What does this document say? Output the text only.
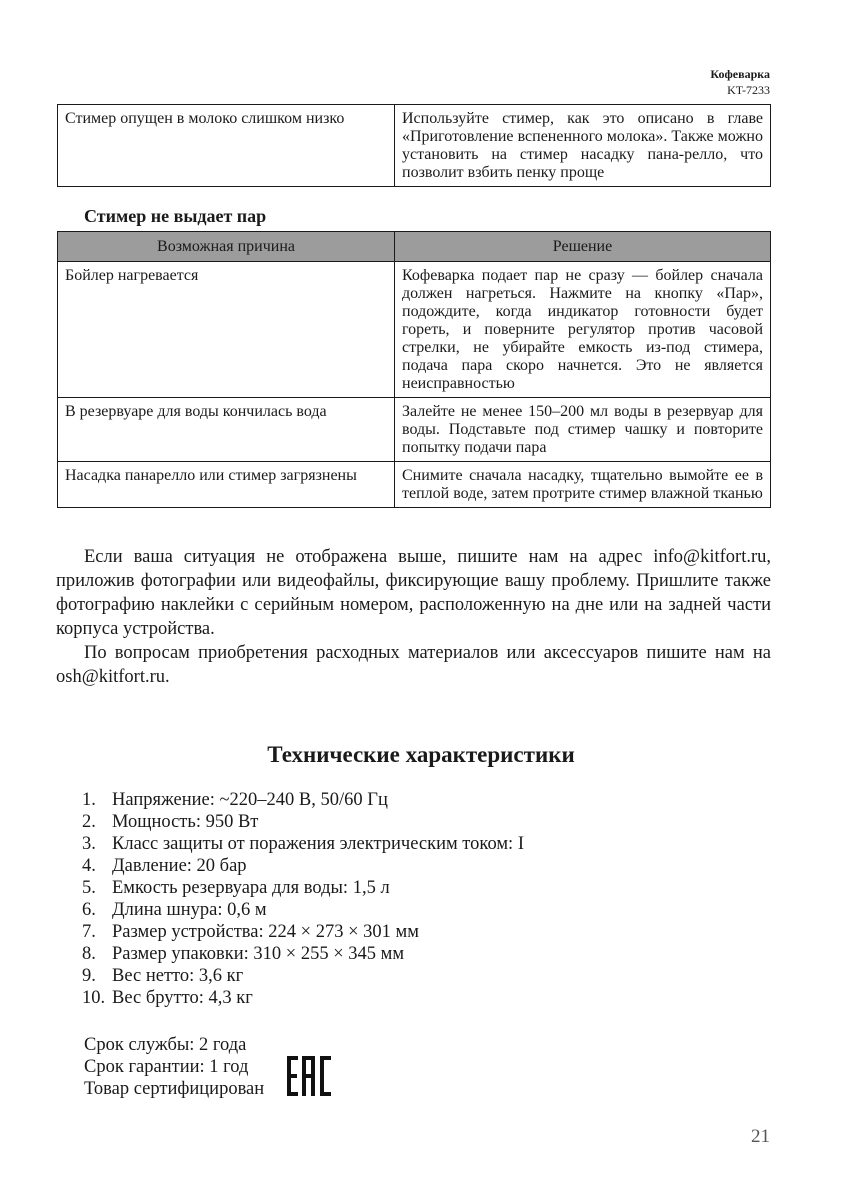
Кофеварка
KT-7233
Стимер опущен в молоко слишком низко	Используйте стимер, как это описано в главе «Приготовление вспененного молока». Также можно установить на стимер насадку пана-релло, что позволит взбить пенку проще
Стимер не выдает пар
Возможная причина	Решение
Бойлер нагревается	Кофеварка подает пар не сразу — бойлер сначала должен нагреться. Нажмите на кнопку «Пар», подождите, когда индикатор готовности будет гореть, и поверните регулятор против часовой стрелки, не убирайте емкость из-под стимера, подача пара скоро начнется. Это не является неисправностью
В резервуаре для воды кончилась вода	Залейте не менее 150–200 мл воды в резервуар для воды. Подставьте под стимер чашку и повторите попытку подачи пара
Насадка панарелло или стимер загрязнены	Снимите сначала насадку, тщательно вымойте ее в теплой воде, затем протрите стимер влажной тканью

Если ваша ситуация не отображена выше, пишите нам на адрес info@kitfort.ru, приложив фотографии или видеофайлы, фиксирующие вашу проблему. Пришлите также фотографию наклейки с серийным номером, расположенную на дне или на задней части корпуса устройства.

По вопросам приобретения расходных материалов или аксессуаров пишите нам на osh@kitfort.ru.

Технические характеристики
1. Напряжение: ~220–240 В, 50/60 Гц
2. Мощность: 950 Вт
3. Класс защиты от поражения электрическим током: I
4. Давление: 20 бар
5. Емкость резервуара для воды: 1,5 л
6. Длина шнура: 0,6 м
7. Размер устройства: 224 × 273 × 301 мм
8. Размер упаковки: 310 × 255 × 345 мм
9. Вес нетто: 3,6 кг
10. Вес брутто: 4,3 кг
Срок службы: 2 года
Срок гарантии: 1 год
Товар сертифицирован
21
